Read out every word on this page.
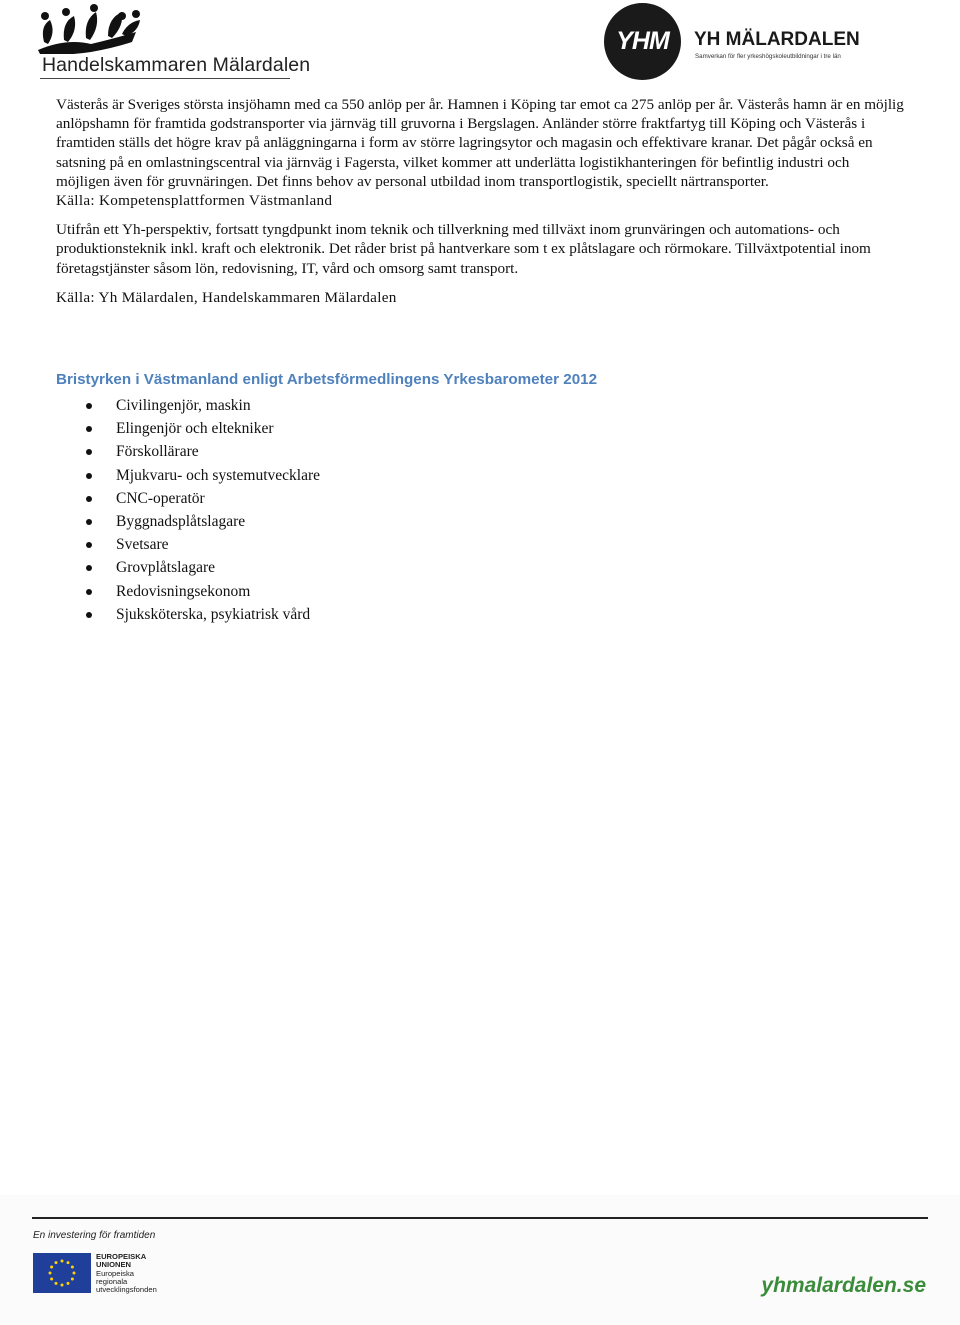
Handelskammaren Mälardalen
YHM	YH MÄLARDALEN
Samverkan för fler yrkeshögskoleutbildningar i tre län

Västerås är Sveriges största insjöhamn med ca 550 anlöp per år. Hamnen i Köping tar emot ca 275 anlöp per år. Västerås hamn är en möjlig anlöpshamn för framtida godstransporter via järnväg till gruvorna i Bergslagen. Anländer större fraktfartyg till Köping och Västerås i framtiden ställs det högre krav på anläggningarna i form av större lagringsytor och magasin och effektivare kranar. Det pågår också en satsning på en omlastningscentral via järnväg i Fagersta, vilket kommer att underlätta logistikhanteringen för befintlig industri och möjligen även för gruvnäringen. Det finns behov av personal utbildad inom transportlogistik, speciellt närtransporter.

Källa: Kompetensplattformen Västmanland

Utifrån ett Yh-perspektiv, fortsatt tyngdpunkt inom teknik och tillverkning med tillväxt inom grunväringen och automations- och produktionsteknik inkl. kraft och elektronik. Det råder brist på hantverkare som t ex plåtslagare och rörmokare. Tillväxtpotential inom företagstjänster såsom lön, redovisning, IT, vård och omsorg samt transport.

Källa: Yh Mälardalen, Handelskammaren Mälardalen

Bristyrken i Västmanland enligt Arbetsförmedlingens Yrkesbarometer 2012
Civilingenjör, maskin
Elingenjör och eltekniker
Förskollärare
Mjukvaru- och systemutvecklare
CNC-operatör
Byggnadsplåtslagare
Svetsare
Grovplåtslagare
Redovisningsekonom
Sjuksköterska, psykiatrisk vård
En investering för framtiden
EUROPEISKA
UNIONEN
Europeiska
regionala
utvecklingsfonden	yhmalardalen.se
